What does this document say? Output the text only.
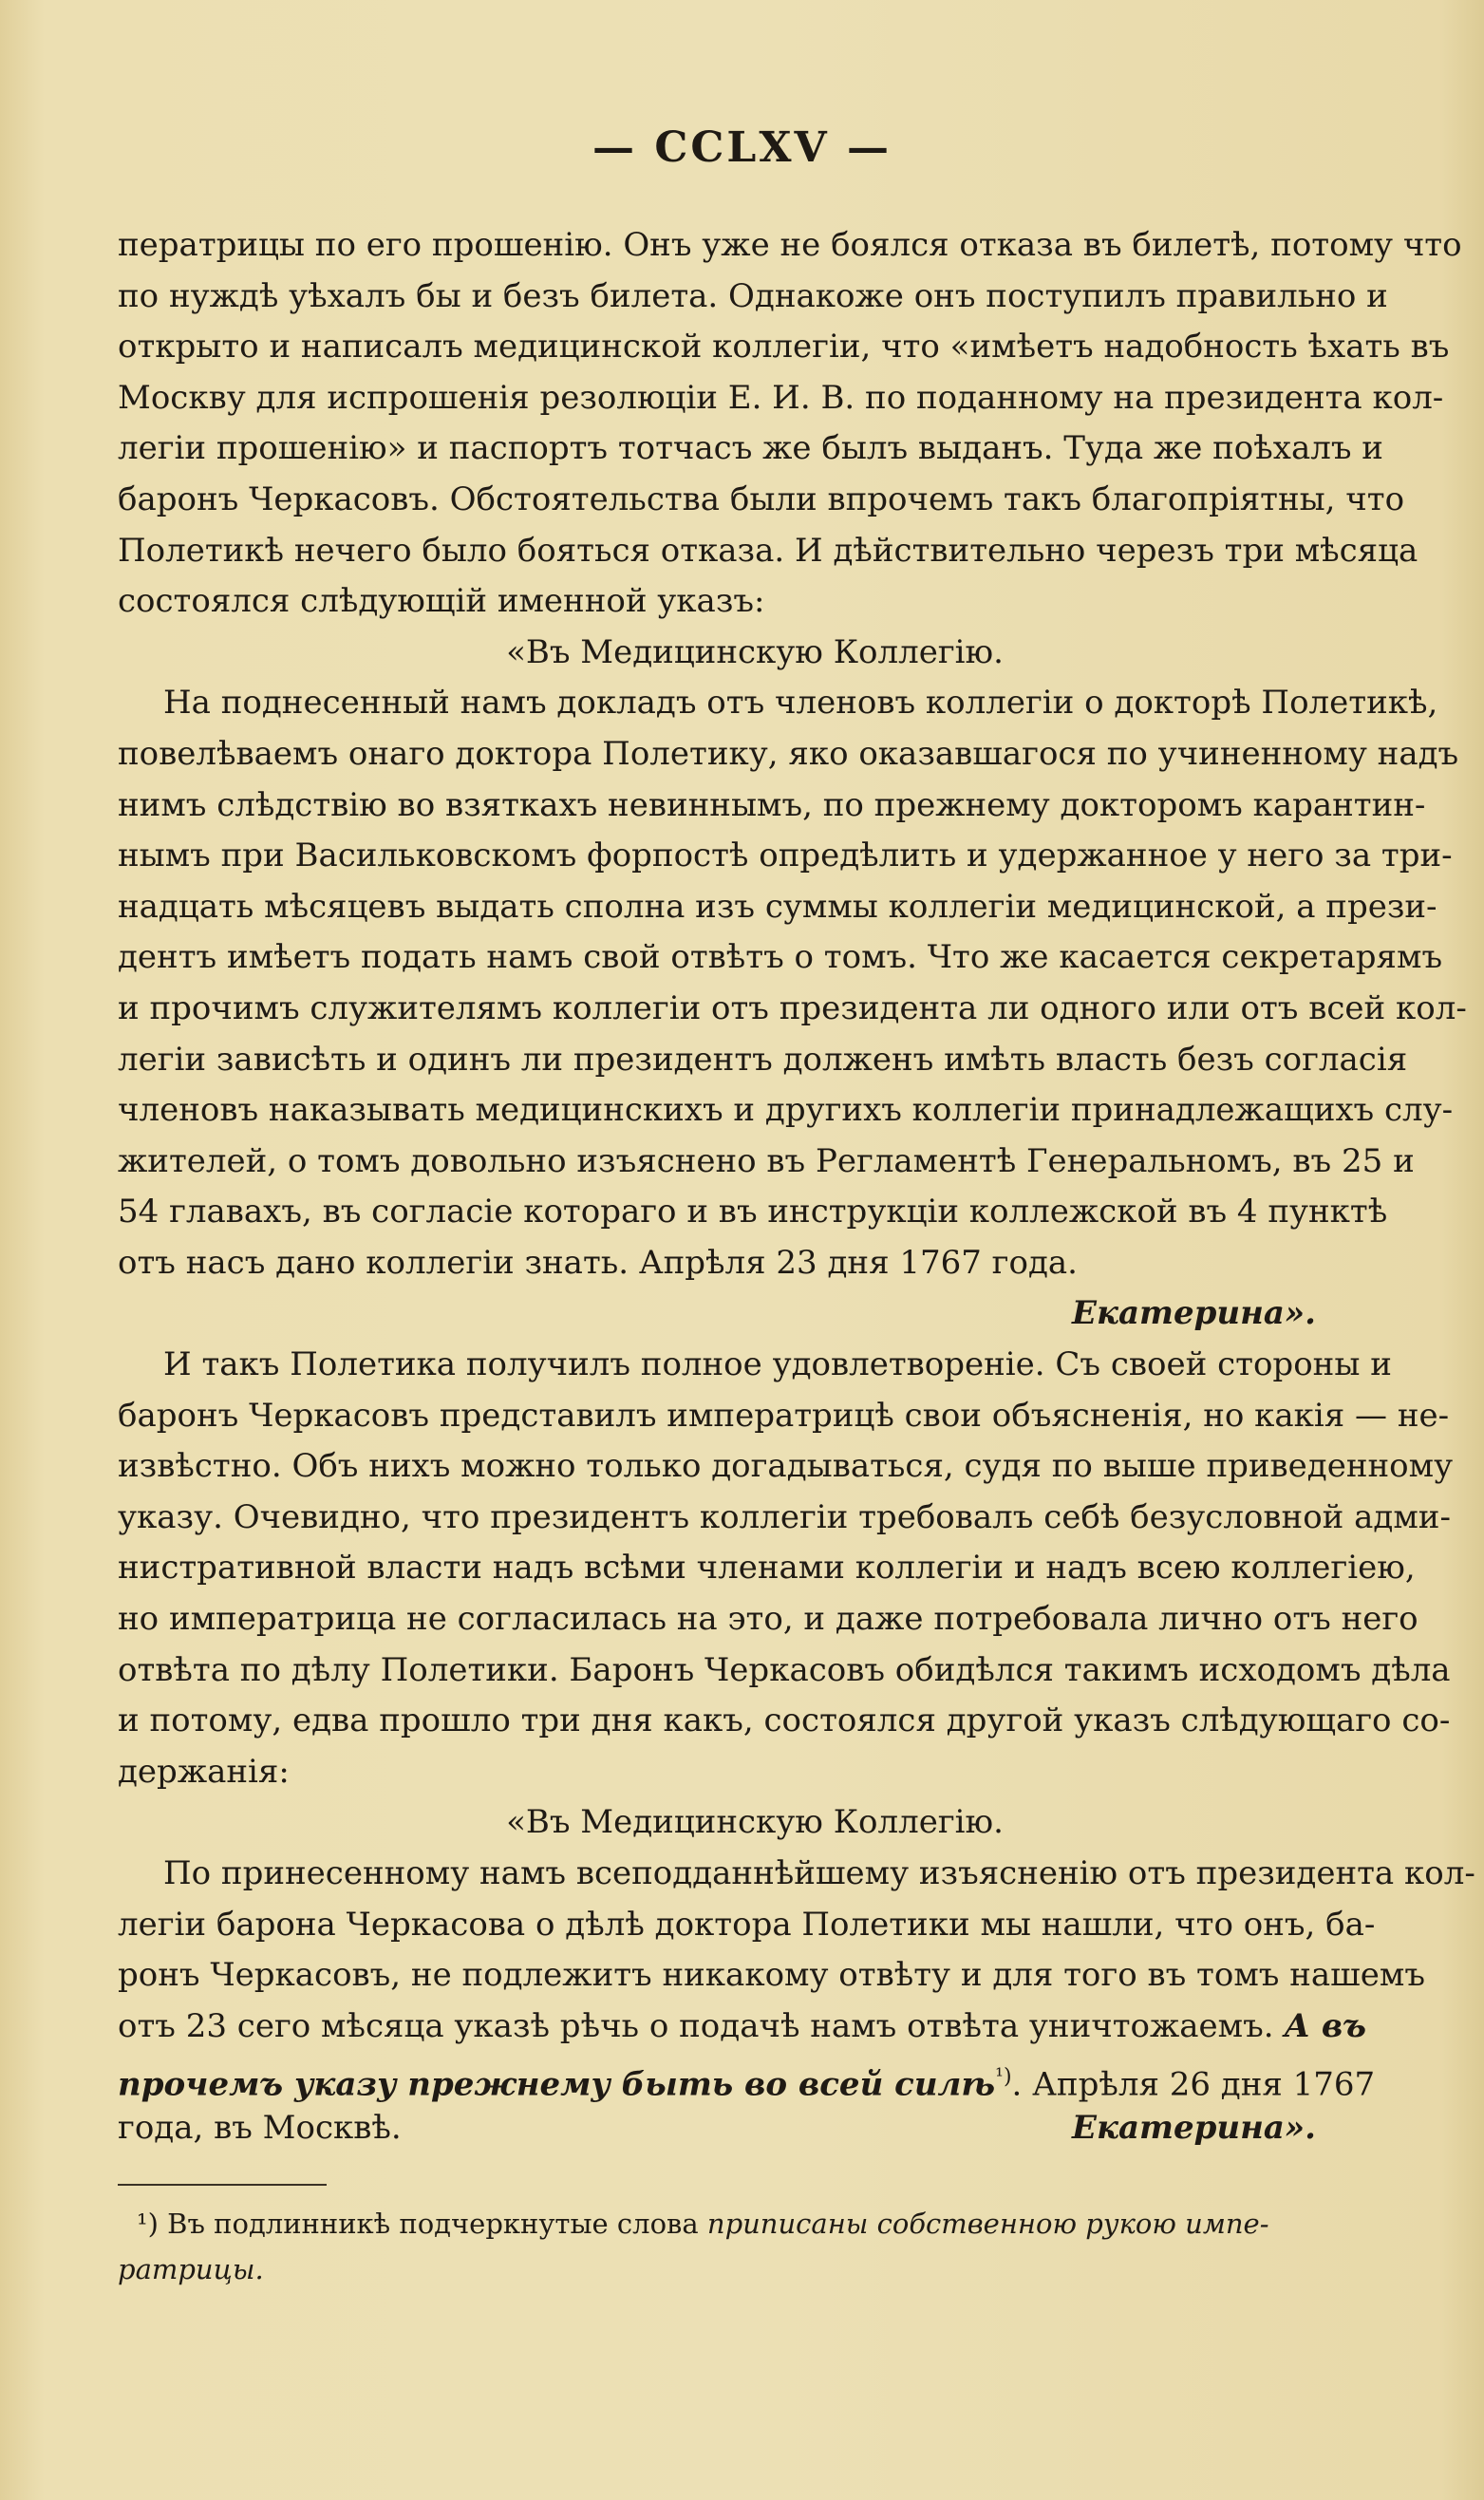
— CCLXV —
ператрицы по его прошенію. Онъ уже не боялся отказа въ билетѣ, потому что
по нуждѣ уѣхалъ бы и безъ билета. Однакоже онъ поступилъ правильно и
открыто и написалъ медицинской коллегіи, что «имѣетъ надобность ѣхать въ
Москву для испрошенія резолюціи Е. И. В. по поданному на президента кол-
легіи прошенію» и паспортъ тотчасъ же былъ выданъ. Туда же поѣхалъ и
баронъ Черкасовъ. Обстоятельства были впрочемъ такъ благопріятны, что
Полетикѣ нечего было бояться отказа. И дѣйствительно черезъ три мѣсяца
состоялся слѣдующій именной указъ:
«Въ Медицинскую Коллегію.
На поднесенный намъ докладъ отъ членовъ коллегіи о докторѣ Полетикѣ,
повелѣваемъ онаго доктора Полетику, яко оказавшагося по учиненному надъ
нимъ слѣдствію во взяткахъ невиннымъ, по прежнему докторомъ карантин-
нымъ при Васильковскомъ форпостѣ опредѣлить и удержанное у него за три-
надцать мѣсяцевъ выдать сполна изъ суммы коллегіи медицинской, а прези-
дентъ имѣетъ подать намъ свой отвѣтъ о томъ. Что же касается секретарямъ
и прочимъ служителямъ коллегіи отъ президента ли одного или отъ всей кол-
легіи зависѣть и одинъ ли президентъ долженъ имѣть власть безъ согласія
членовъ наказывать медицинскихъ и другихъ коллегіи принадлежащихъ слу-
жителей, о томъ довольно изъяснено въ Регламентѣ Генеральномъ, въ 25 и
54 главахъ, въ согласіе котораго и въ инструкціи коллежской въ 4 пунктѣ
отъ насъ дано коллегіи знать. Апрѣля 23 дня 1767 года.
Екатерина».
И такъ Полетика получилъ полное удовлетвореніе. Съ своей стороны и
баронъ Черкасовъ представилъ императрицѣ свои объясненія, но какія — не-
извѣстно. Объ нихъ можно только догадываться, судя по выше приведенному
указу. Очевидно, что президентъ коллегіи требовалъ себѣ безусловной адми-
нистративной власти надъ всѣми членами коллегіи и надъ всею коллегіею,
но императрица не согласилась на это, и даже потребовала лично отъ него
отвѣта по дѣлу Полетики. Баронъ Черкасовъ обидѣлся такимъ исходомъ дѣла
и потому, едва прошло три дня какъ, состоялся другой указъ слѣдующаго со-
держанія:
«Въ Медицинскую Коллегію.
По принесенному намъ всеподданнѣйшему изъясненію отъ президента кол-
легіи барона Черкасова о дѣлѣ доктора Полетики мы нашли, что онъ, ба-
ронъ Черкасовъ, не подлежитъ никакому отвѣту и для того въ томъ нашемъ
отъ 23 сего мѣсяца указѣ рѣчь о подачѣ намъ отвѣта уничтожаемъ. А въ
прочемъ указу прежнему быть во всей силѣ$^{^1)}$. Апрѣля 26 дня 1767
года, въ Москвѣ.	Екатерина».
¹) Въ подлинникѣ подчеркнутые слова приписаны собственною рукою импе-
ратрицы.
